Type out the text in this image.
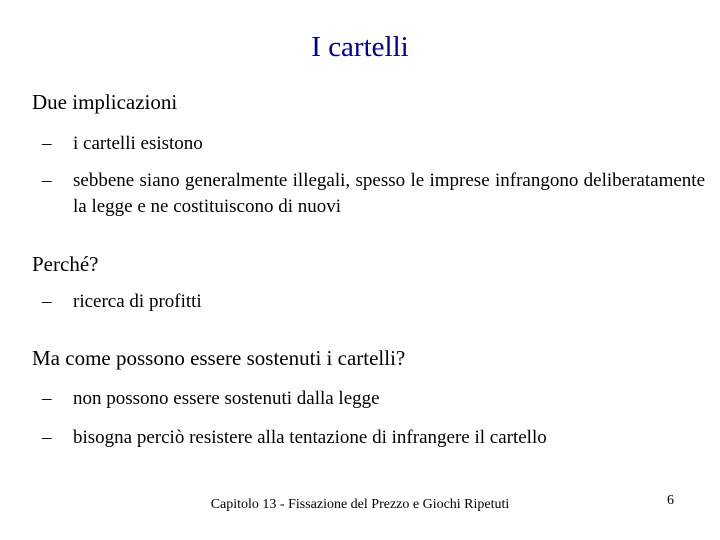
I cartelli
Due implicazioni
– i cartelli esistono
– sebbene siano generalmente illegali, spesso le imprese infrangono deliberatamente la legge e ne costituiscono di nuovi
Perché?
– ricerca di profitti
Ma come possono essere sostenuti i cartelli?
– non possono essere sostenuti dalla legge
– bisogna perciò resistere alla tentazione di infrangere il cartello
Capitolo 13 - Fissazione del Prezzo e Giochi Ripetuti	6
